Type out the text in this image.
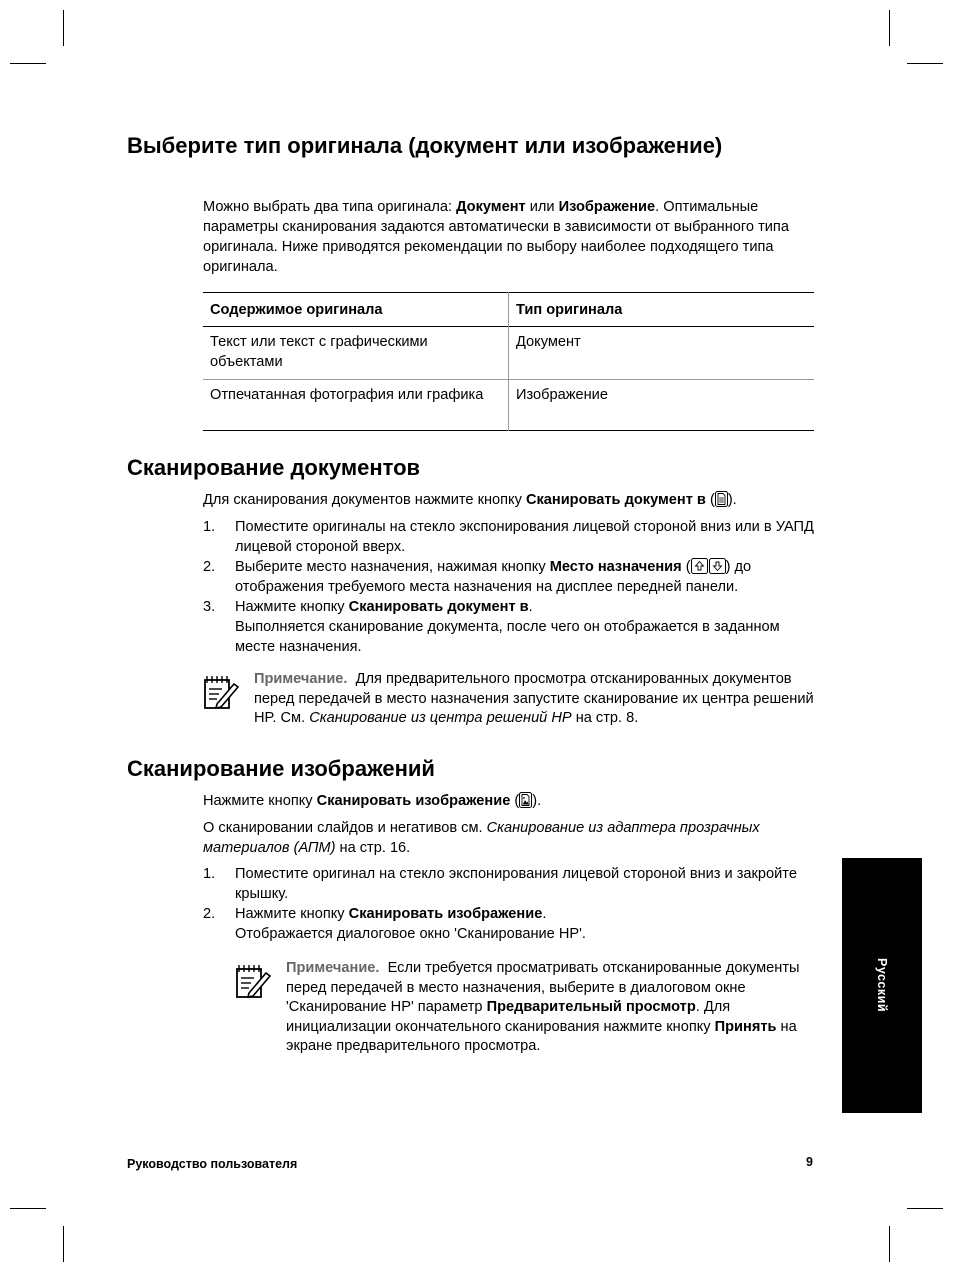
Выберите тип оригинала (документ или изображение)

Можно выбрать два типа оригинала: Документ или Изображение. Оптимальные параметры сканирования задаются автоматически в зависимости от выбранного типа оригинала. Ниже приводятся рекомендации по выбору наиболее подходящего типа оригинала.

Содержимое оригинала	Тип оригинала
Текст или текст с графическими объектами	Документ
Отпечатанная фотография или графика	Изображение
Сканирование документов

Для сканирования документов нажмите кнопку Сканировать документ в ( ).

1. Поместите оригиналы на стекло экспонирования лицевой стороной вниз или в УАПД лицевой стороной вверх.
2. Выберите место назначения, нажимая кнопку Место назначения ( ) до отображения требуемого места назначения на дисплее передней панели.
3. Нажмите кнопку Сканировать документ в.
Выполняется сканирование документа, после чего он отображается в заданном месте назначения.
Примечание.  Для предварительного просмотра отсканированных документов перед передачей в место назначения запустите сканирование их центра решений HP. См. Сканирование из центра решений HP на стр. 8.
Сканирование изображений

Нажмите кнопку Сканировать изображение ( ).

О сканировании слайдов и негативов см. Сканирование из адаптера прозрачных материалов (АПМ) на стр. 16.

1. Поместите оригинал на стекло экспонирования лицевой стороной вниз и закройте крышку.
2. Нажмите кнопку Сканировать изображение.
Отображается диалоговое окно 'Сканирование HP'.
Примечание.  Если требуется просматривать отсканированные документы перед передачей в место назначения, выберите в диалоговом окне 'Сканирование HP' параметр Предварительный просмотр. Для инициализации окончательного сканирования нажмите кнопку Принять на экране предварительного просмотра.
Русский
Руководство пользователя	9
